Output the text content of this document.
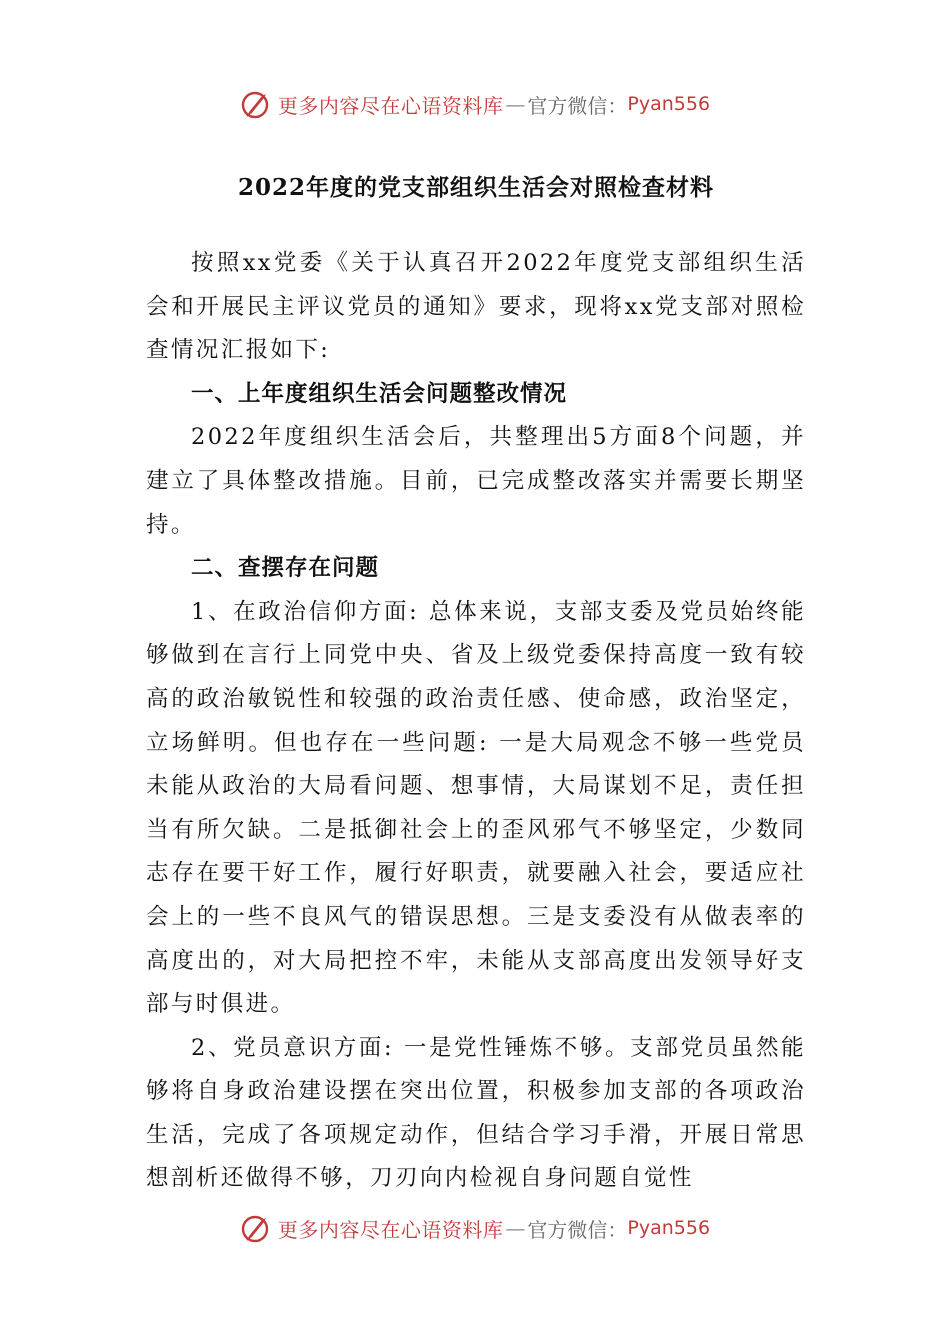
更多内容尽在心语资料库 — 官方微信： Pyan556
2022年度的党支部组织生活会对照检查材料

按照xx党委《关于认真召开2022年度党支部组织生活会和开展民主评议党员的通知》要求，现将xx党支部对照检查情况汇报如下:

一、上年度组织生活会问题整改情况

2022年度组织生活会后，共整理出5方面8个问题，并建立了具体整改措施。目前，已完成整改落实并需要长期坚持。

二、查摆存在问题

1、在政治信仰方面: 总体来说，支部支委及党员始终能够做到在言行上同党中央、省及上级党委保持高度一致有较高的政治敏锐性和较强的政治责任感、使命感，政治坚定，立场鲜明。但也存在一些问题: 一是大局观念不够一些党员未能从政治的大局看问题、想事情，大局谋划不足，责任担当有所欠缺。二是抵御社会上的歪风邪气不够坚定，少数同志存在要干好工作，履行好职责，就要融入社会，要适应社会上的一些不良风气的错误思想。三是支委没有从做表率的高度出的，对大局把控不牢，未能从支部高度出发领导好支部与时俱进。

2、党员意识方面: 一是党性锤炼不够。支部党员虽然能够将自身政治建设摆在突出位置，积极参加支部的各项政治生活，完成了各项规定动作，但结合学习手滑，开展日常思想剖析还做得不够，刀刃向内检视自身问题自觉性

更多内容尽在心语资料库 — 官方微信： Pyan556
